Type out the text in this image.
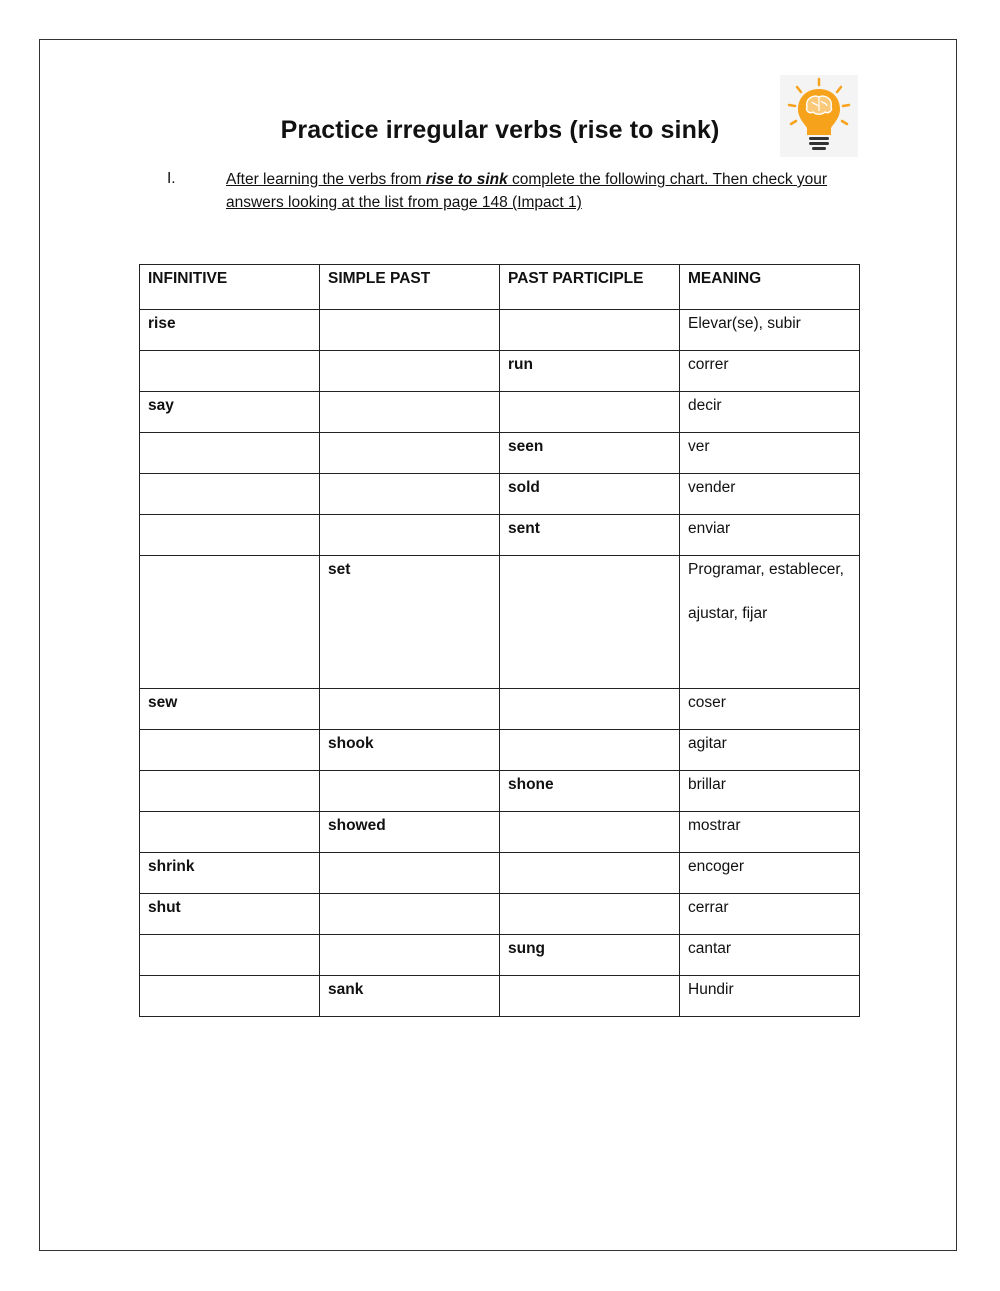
Practice irregular verbs (rise to sink)
I.	After learning the verbs from rise to sink complete the following chart. Then check your answers looking at the list from page 148 (Impact 1)
INFINITIVE	SIMPLE PAST	PAST PARTICIPLE	MEANING
rise			Elevar(se), subir
		run	correr
say			decir
		seen	ver
		sold	vender
		sent	enviar
	set		Programar, establecer, ajustar, fijar

sew			coser
	shook		agitar
		shone	brillar
	showed		mostrar
shrink			encoger
shut			cerrar
		sung	cantar
	sank		Hundir
